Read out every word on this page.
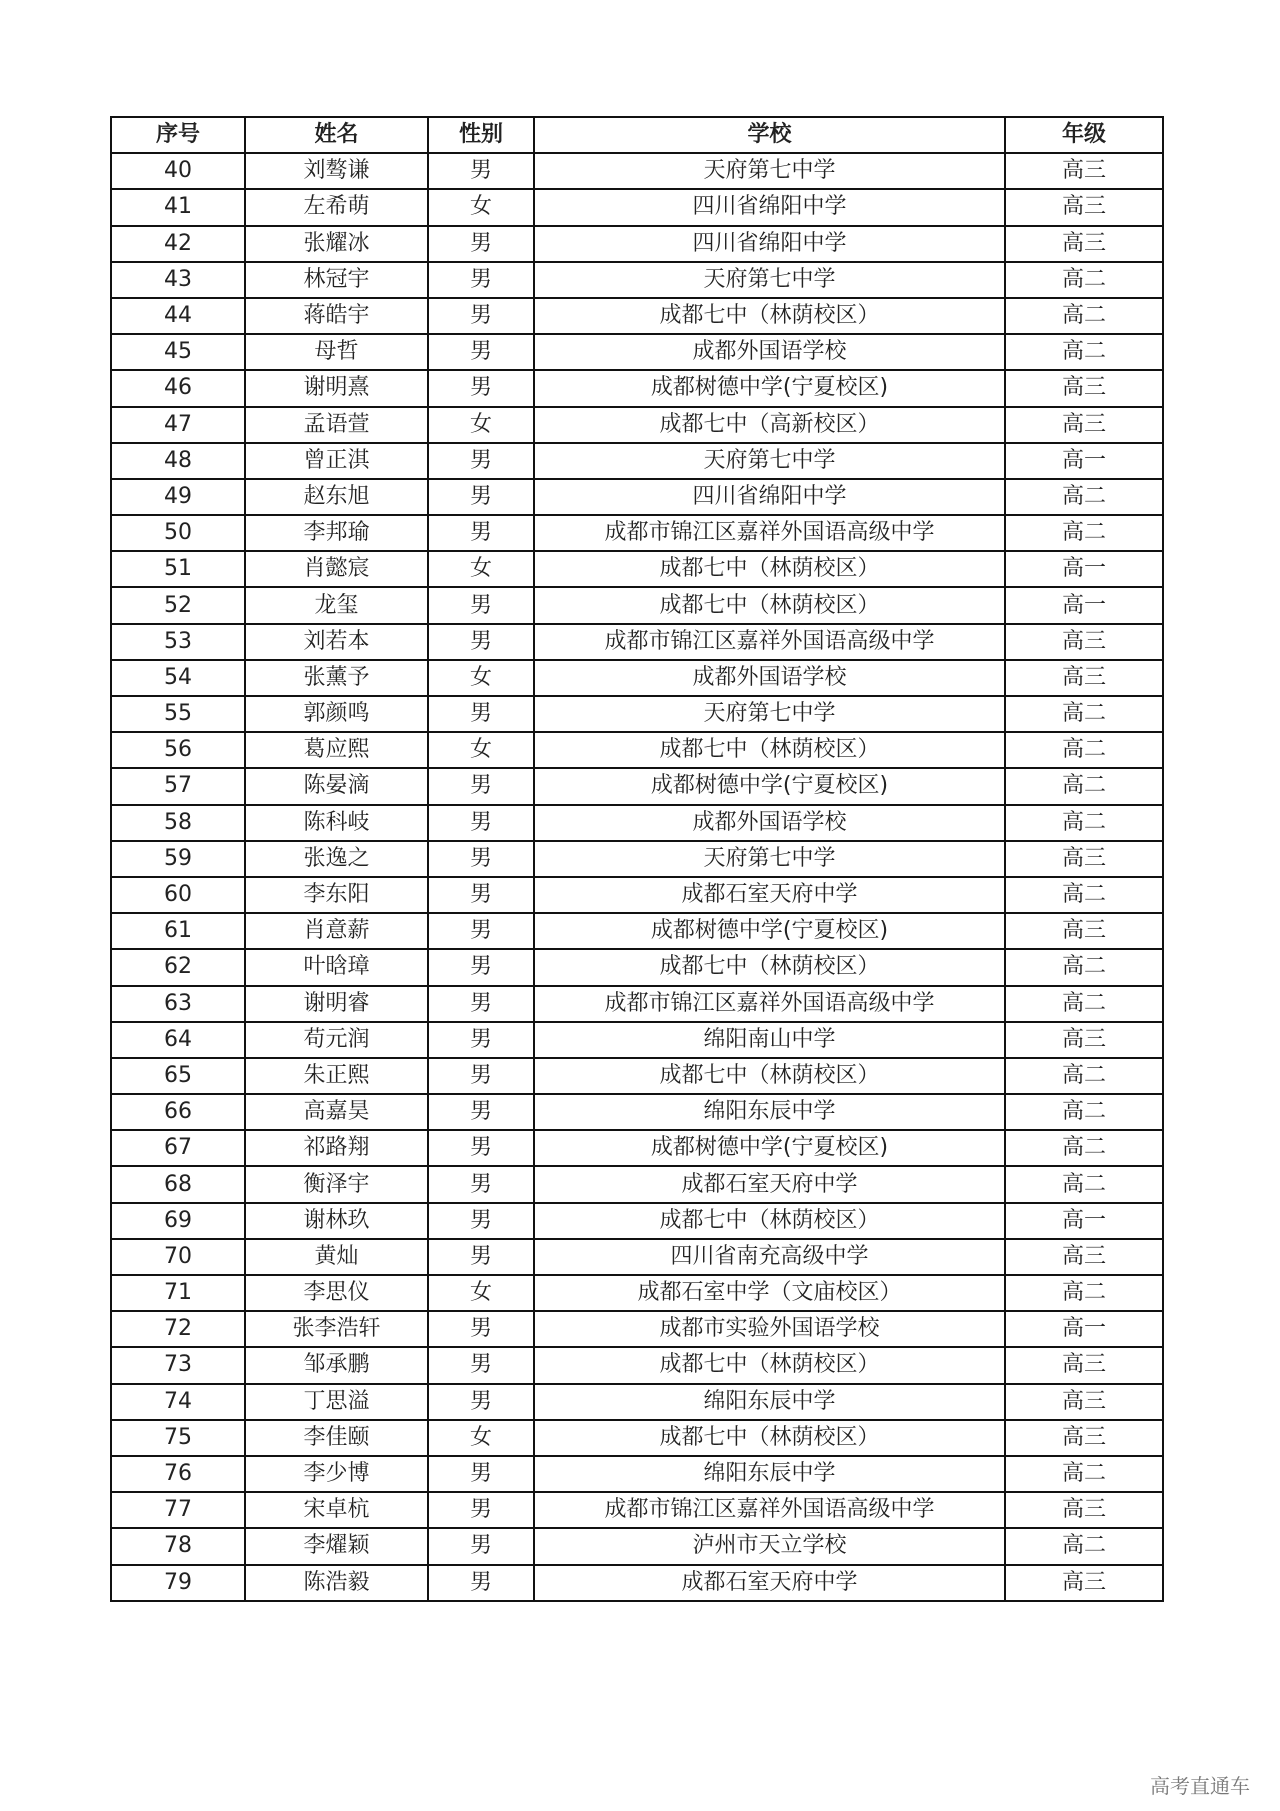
序号	姓名	性别	学校	年级
40	刘骜谦	男	天府第七中学	高三
41	左希萌	女	四川省绵阳中学	高三
42	张耀冰	男	四川省绵阳中学	高三
43	林冠宇	男	天府第七中学	高二
44	蒋皓宇	男	成都七中（林荫校区）	高二
45	母哲	男	成都外国语学校	高二
46	谢明熹	男	成都树德中学(宁夏校区)	高三
47	孟语萱	女	成都七中（高新校区）	高三
48	曾正淇	男	天府第七中学	高一
49	赵东旭	男	四川省绵阳中学	高二
50	李邦瑜	男	成都市锦江区嘉祥外国语高级中学	高二
51	肖懿宸	女	成都七中（林荫校区）	高一
52	龙玺	男	成都七中（林荫校区）	高一
53	刘若本	男	成都市锦江区嘉祥外国语高级中学	高三
54	张薰予	女	成都外国语学校	高三
55	郭颜鸣	男	天府第七中学	高二
56	葛应熙	女	成都七中（林荫校区）	高二
57	陈晏滴	男	成都树德中学(宁夏校区)	高二
58	陈科岐	男	成都外国语学校	高二
59	张逸之	男	天府第七中学	高三
60	李东阳	男	成都石室天府中学	高二
61	肖意薪	男	成都树德中学(宁夏校区)	高三
62	叶晗璋	男	成都七中（林荫校区）	高二
63	谢明睿	男	成都市锦江区嘉祥外国语高级中学	高二
64	苟元润	男	绵阳南山中学	高三
65	朱正熙	男	成都七中（林荫校区）	高二
66	高嘉昊	男	绵阳东辰中学	高二
67	祁路翔	男	成都树德中学(宁夏校区)	高二
68	衡泽宇	男	成都石室天府中学	高二
69	谢林玖	男	成都七中（林荫校区）	高一
70	黄灿	男	四川省南充高级中学	高三
71	李思仪	女	成都石室中学（文庙校区）	高二
72	张李浩轩	男	成都市实验外国语学校	高一
73	邹承鹏	男	成都七中（林荫校区）	高三
74	丁思溢	男	绵阳东辰中学	高三
75	李佳颐	女	成都七中（林荫校区）	高三
76	李少博	男	绵阳东辰中学	高二
77	宋卓杭	男	成都市锦江区嘉祥外国语高级中学	高三
78	李燿颖	男	泸州市天立学校	高二
79	陈浩毅	男	成都石室天府中学	高三
高考直通车
